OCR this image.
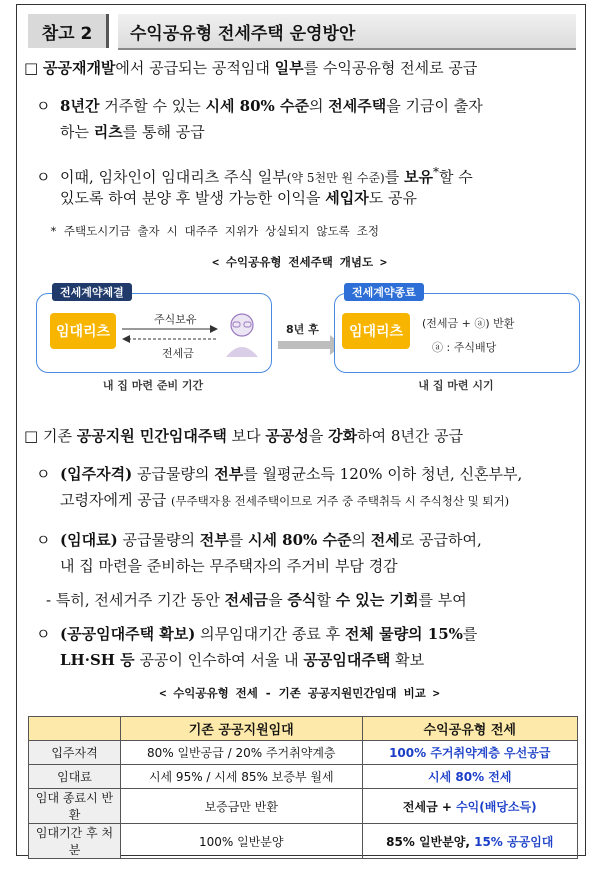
참고 2	수익공유형 전세주택 운영방안
□ 공공재개발에서 공급되는 공적임대 일부를 수익공유형 전세로 공급
ㅇ 8년간 거주할 수 있는 시세 80% 수준의 전세주택을 기금이 출자
하는 리츠를 통해 공급
ㅇ 이때, 임차인이 임대리츠 주식 일부(약 5천만 원 수준)를 보유*할 수
있도록 하여 분양 후 발생 가능한 이익을 세입자도 공유
* 주택도시기금 출자 시 대주주 지위가 상실되지 않도록 조정
< 수익공유형 전세주택 개념도 >
전세계약체결
임대리츠
주식보유
전세금
8년 후
내 집 마련 준비 기간
전세계약종료
임대리츠
(전세금 + ⓐ) 반환
ⓐ : 주식배당
내 집 마련 시기
□ 기존 공공지원 민간임대주택 보다 공공성을 강화하여 8년간 공급
ㅇ (입주자격) 공급물량의 전부를 월평균소득 120% 이하 청년, 신혼부부,
고령자에게 공급 (무주택자용 전세주택이므로 거주 중 주택취득 시 주식청산 및 퇴거)
ㅇ (임대료) 공급물량의 전부를 시세 80% 수준의 전세로 공급하여,
내 집 마련을 준비하는 무주택자의 주거비 부담 경감
- 특히, 전세거주 기간 동안 전세금을 증식할 수 있는 기회를 부여
ㅇ (공공임대주택 확보) 의무임대기간 종료 후 전체 물량의 15%를
LH·SH 등 공공이 인수하여 서울 내 공공임대주택 확보
< 수익공유형 전세 - 기존 공공지원민간임대 비교 >
	기존 공공지원임대	수익공유형 전세
입주자격	80% 일반공급 / 20% 주거취약계층	100% 주거취약계층 우선공급
임대료	시세 95% / 시세 85% 보증부 월세	시세 80% 전세
임대 종료시 반환	보증금만 반환	전세금 + 수익(배당소득)
임대기간 후 처분	100% 일반분양	85% 일반분양, 15% 공공임대
